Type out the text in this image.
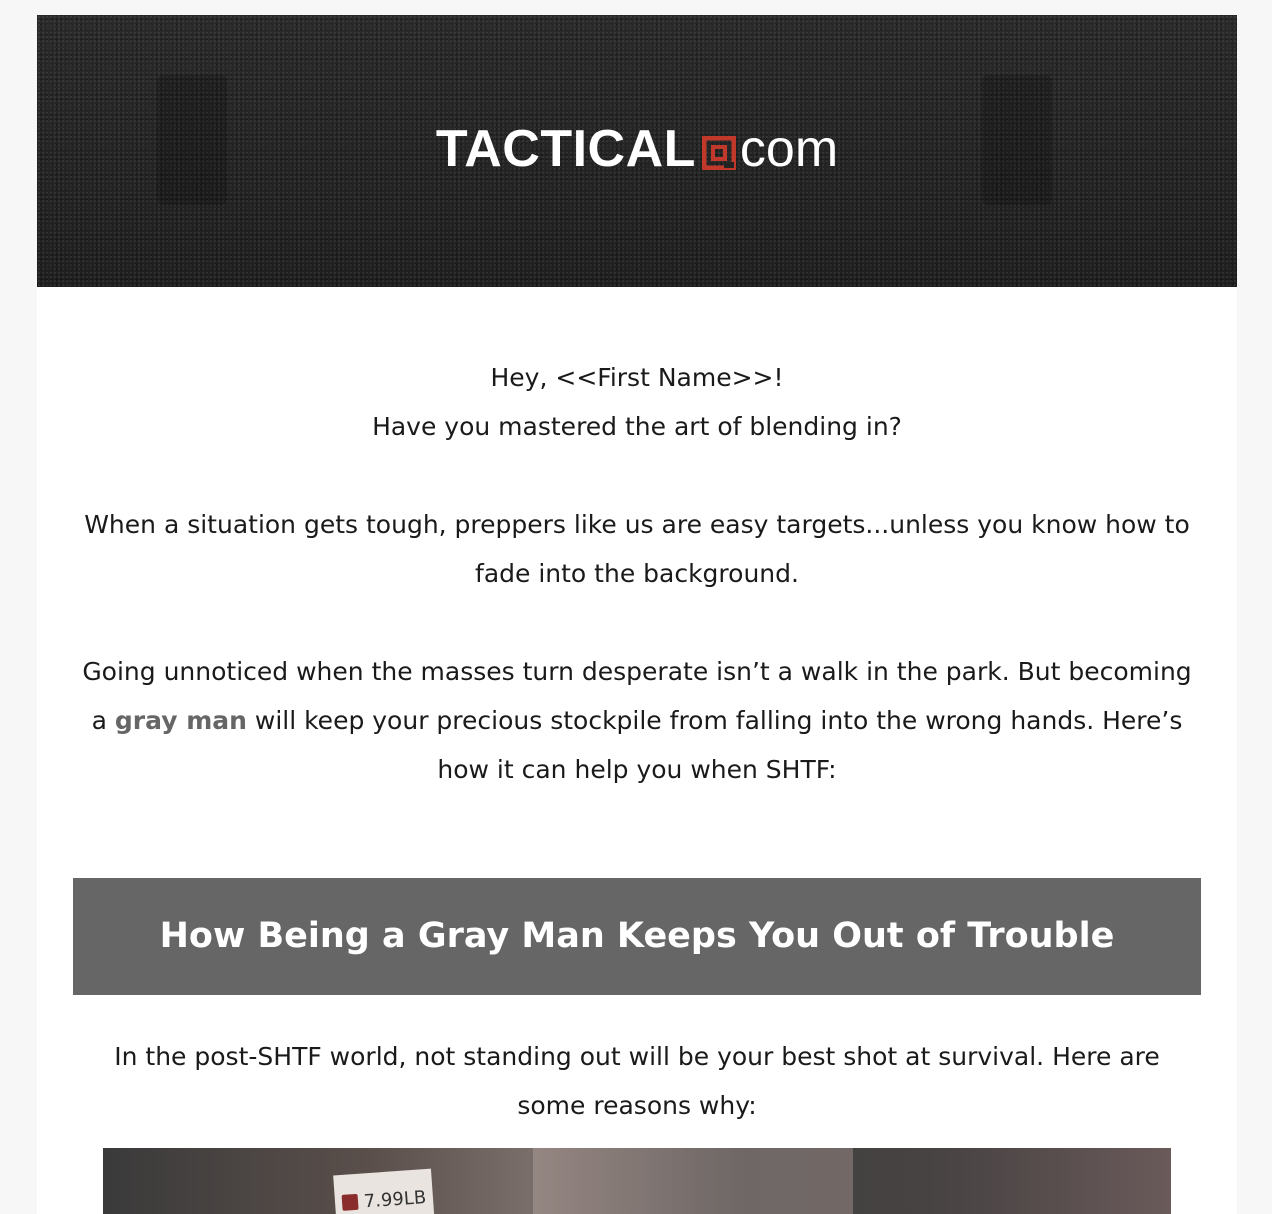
TACTICAL com

Hey, <<First Name>>!
Have you mastered the art of blending in?

When a situation gets tough, preppers like us are easy targets...unless you know how to fade into the background.

Going unnoticed when the masses turn desperate isn’t a walk in the park. But becoming a gray man will keep your precious stockpile from falling into the wrong hands. Here’s how it can help you when SHTF:

How Being a Gray Man Keeps You Out of Trouble

In the post-SHTF world, not standing out will be your best shot at survival. Here are some reasons why:

7.99LB
